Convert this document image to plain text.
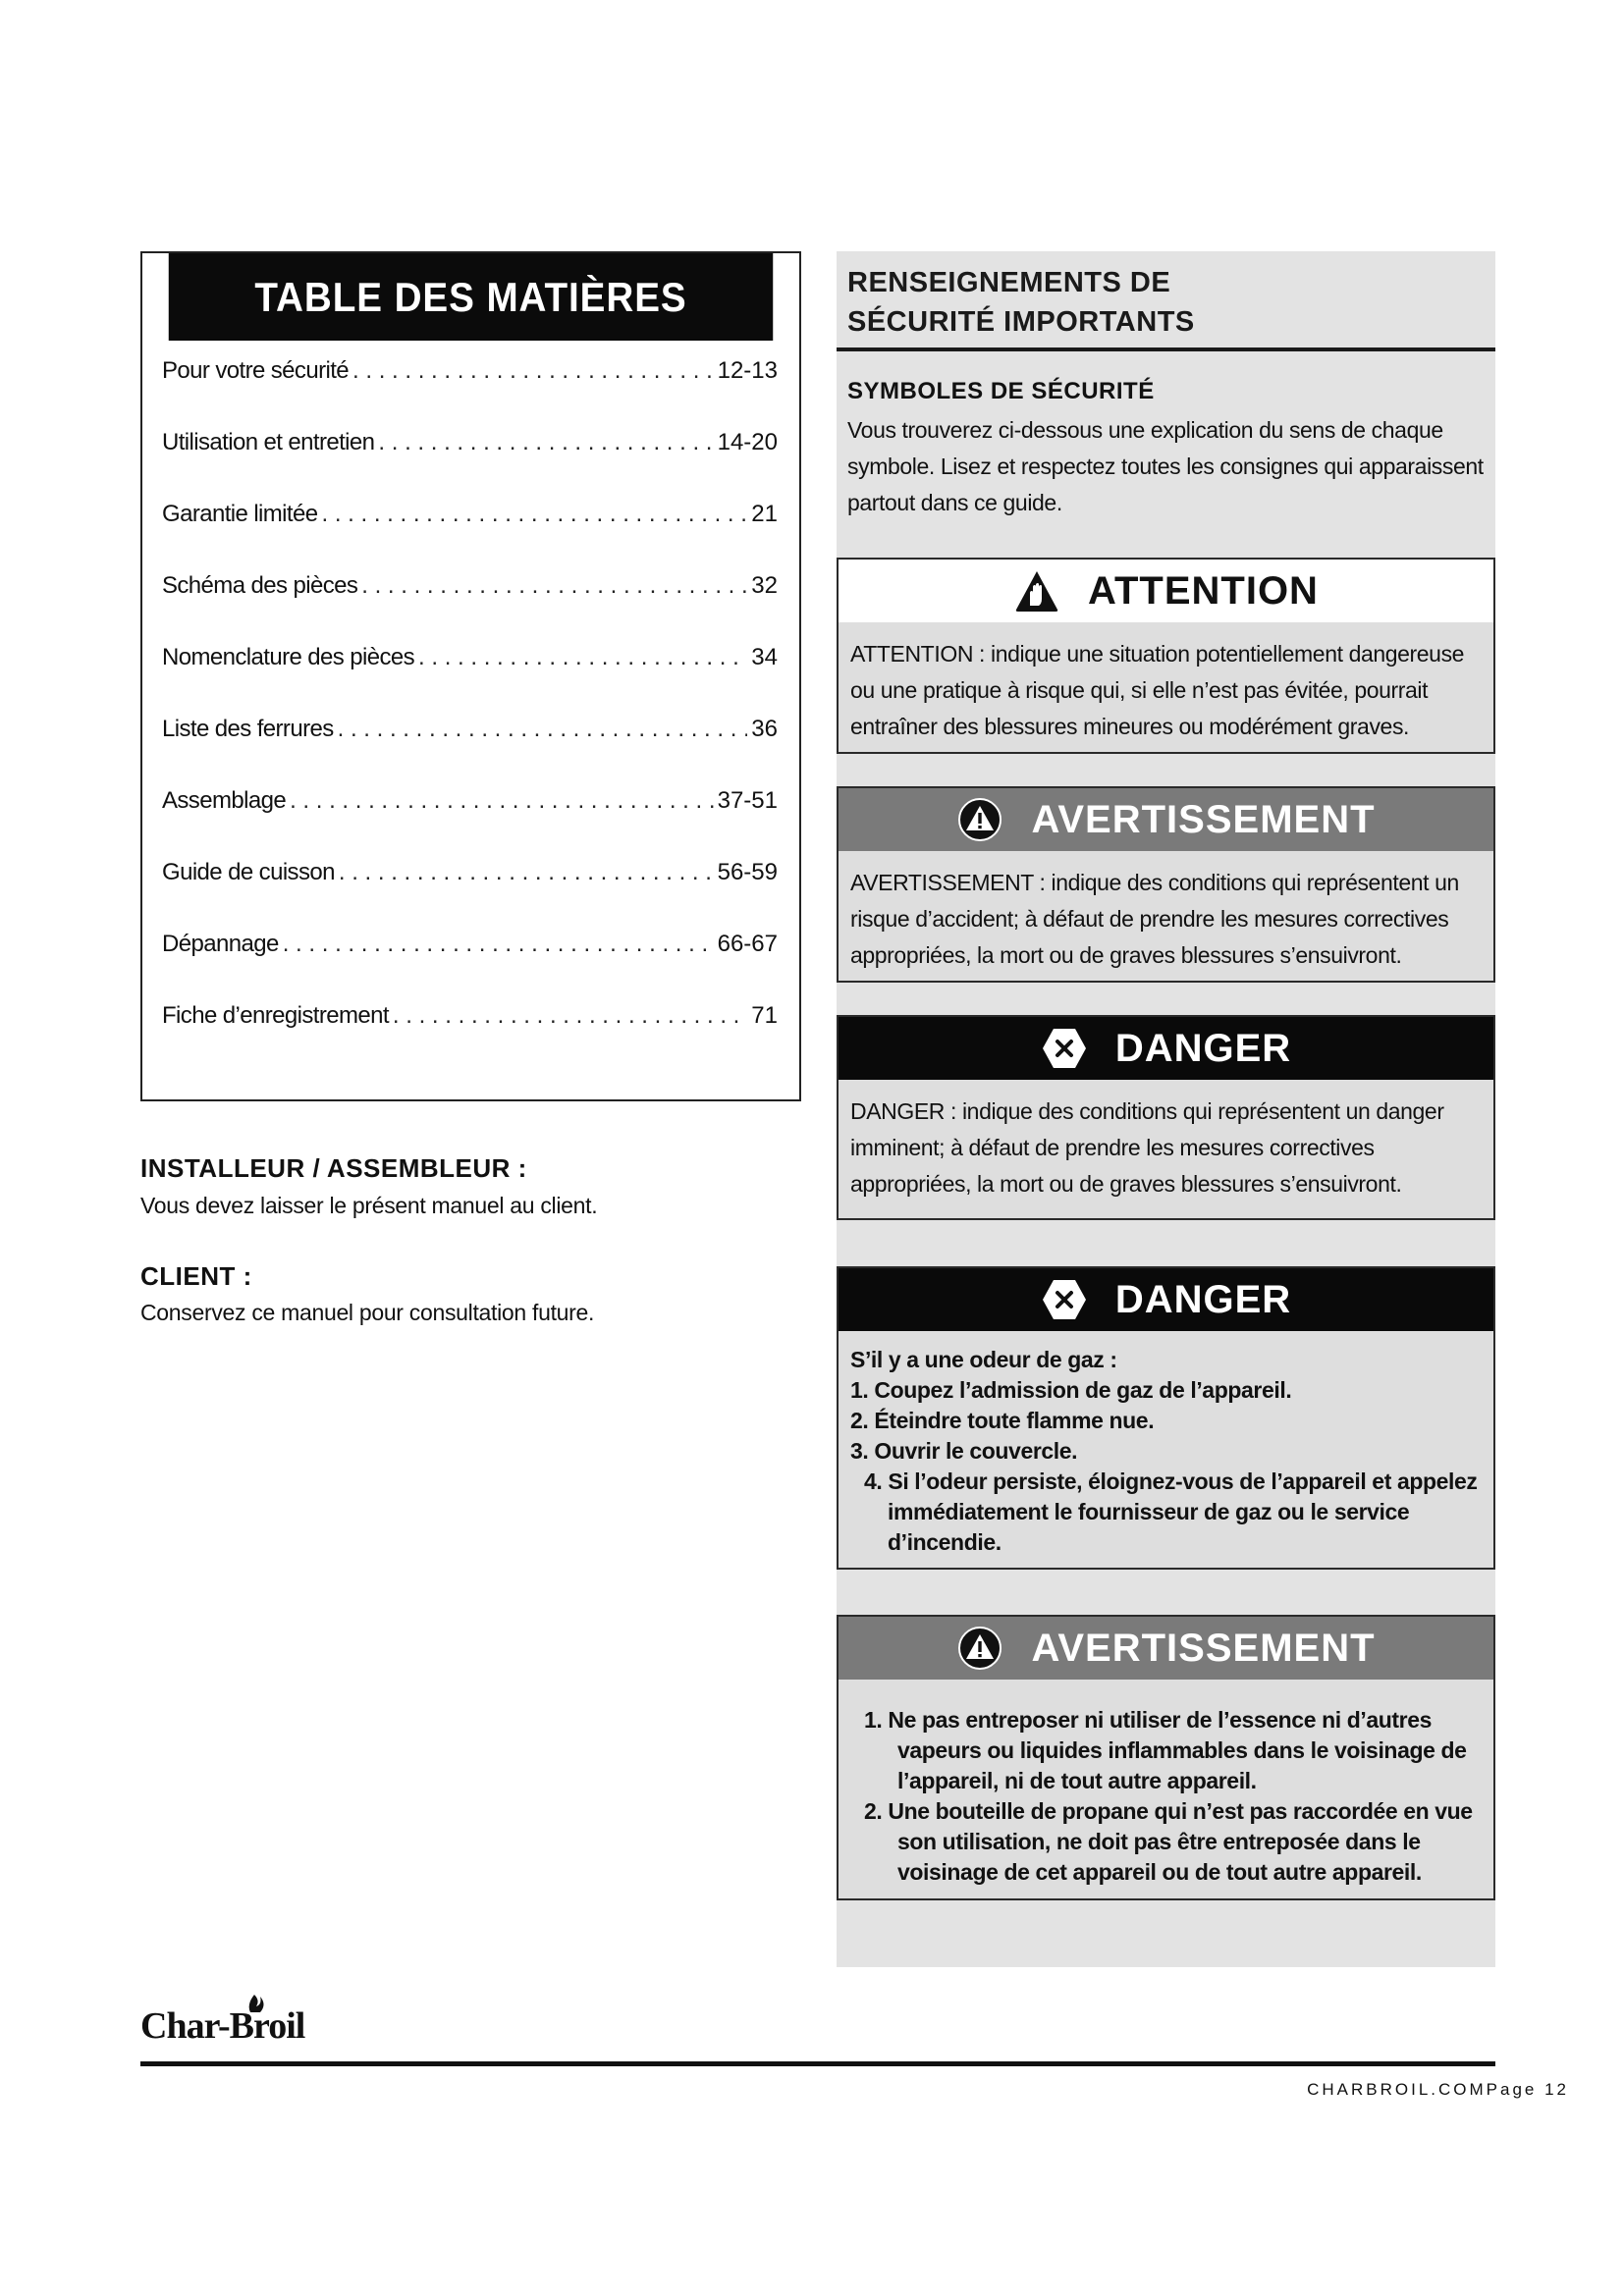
TABLE DES MATIÈRES
Pour votre sécurité . . .	12-13
Utilisation et entretien . . .	14-20
Garantie limitée . . .	21
Schéma des pièces . . .	32
Nomenclature des pièces . . .	34
Liste des ferrures . . .	36
Assemblage . . .	37-51
Guide de cuisson . . .	56-59
Dépannage . . .	66-67
Fiche d’enregistrement . . .	71
INSTALLEUR / ASSEMBLEUR :
Vous devez laisser le présent manuel au client.
CLIENT :
Conservez ce manuel pour consultation future.
RENSEIGNEMENTS DE
SÉCURITÉ IMPORTANTS
SYMBOLES DE SÉCURITÉ
Vous trouverez ci-dessous une explication du sens de chaque symbole. Lisez et respectez toutes les consignes qui apparaissent partout dans ce guide.
ATTENTION
ATTENTION : indique une situation potentiellement dangereuse ou une pratique à risque qui, si elle n’est pas évitée, pourrait entraîner des blessures mineures ou modérément graves.
AVERTISSEMENT
AVERTISSEMENT : indique des conditions qui représentent un risque d’accident; à défaut de prendre les mesures correctives appropriées, la mort ou de graves blessures s’ensuivront.
DANGER
DANGER : indique des conditions qui représentent un danger imminent; à défaut de prendre les mesures correctives appropriées, la mort ou de graves blessures s’ensuivront.
DANGER
S’il y a une odeur de gaz :
1. Coupez l’admission de gaz de l’appareil.
2. Éteindre toute flamme nue.
3. Ouvrir le couvercle.
4. Si l’odeur persiste, éloignez-vous de l’appareil et appelez immédiatement le fournisseur de gaz ou le service d’incendie.
AVERTISSEMENT
1. Ne pas entreposer ni utiliser de l’essence ni d’autres vapeurs ou liquides inflammables dans le voisinage de l’appareil, ni de tout autre appareil.
2. Une bouteille de propane qui n’est pas raccordée en vue son utilisation, ne doit pas être entreposée dans le voisinage de cet appareil ou de tout autre appareil.
Char-Broil
CHARBROIL.COMPage 12
